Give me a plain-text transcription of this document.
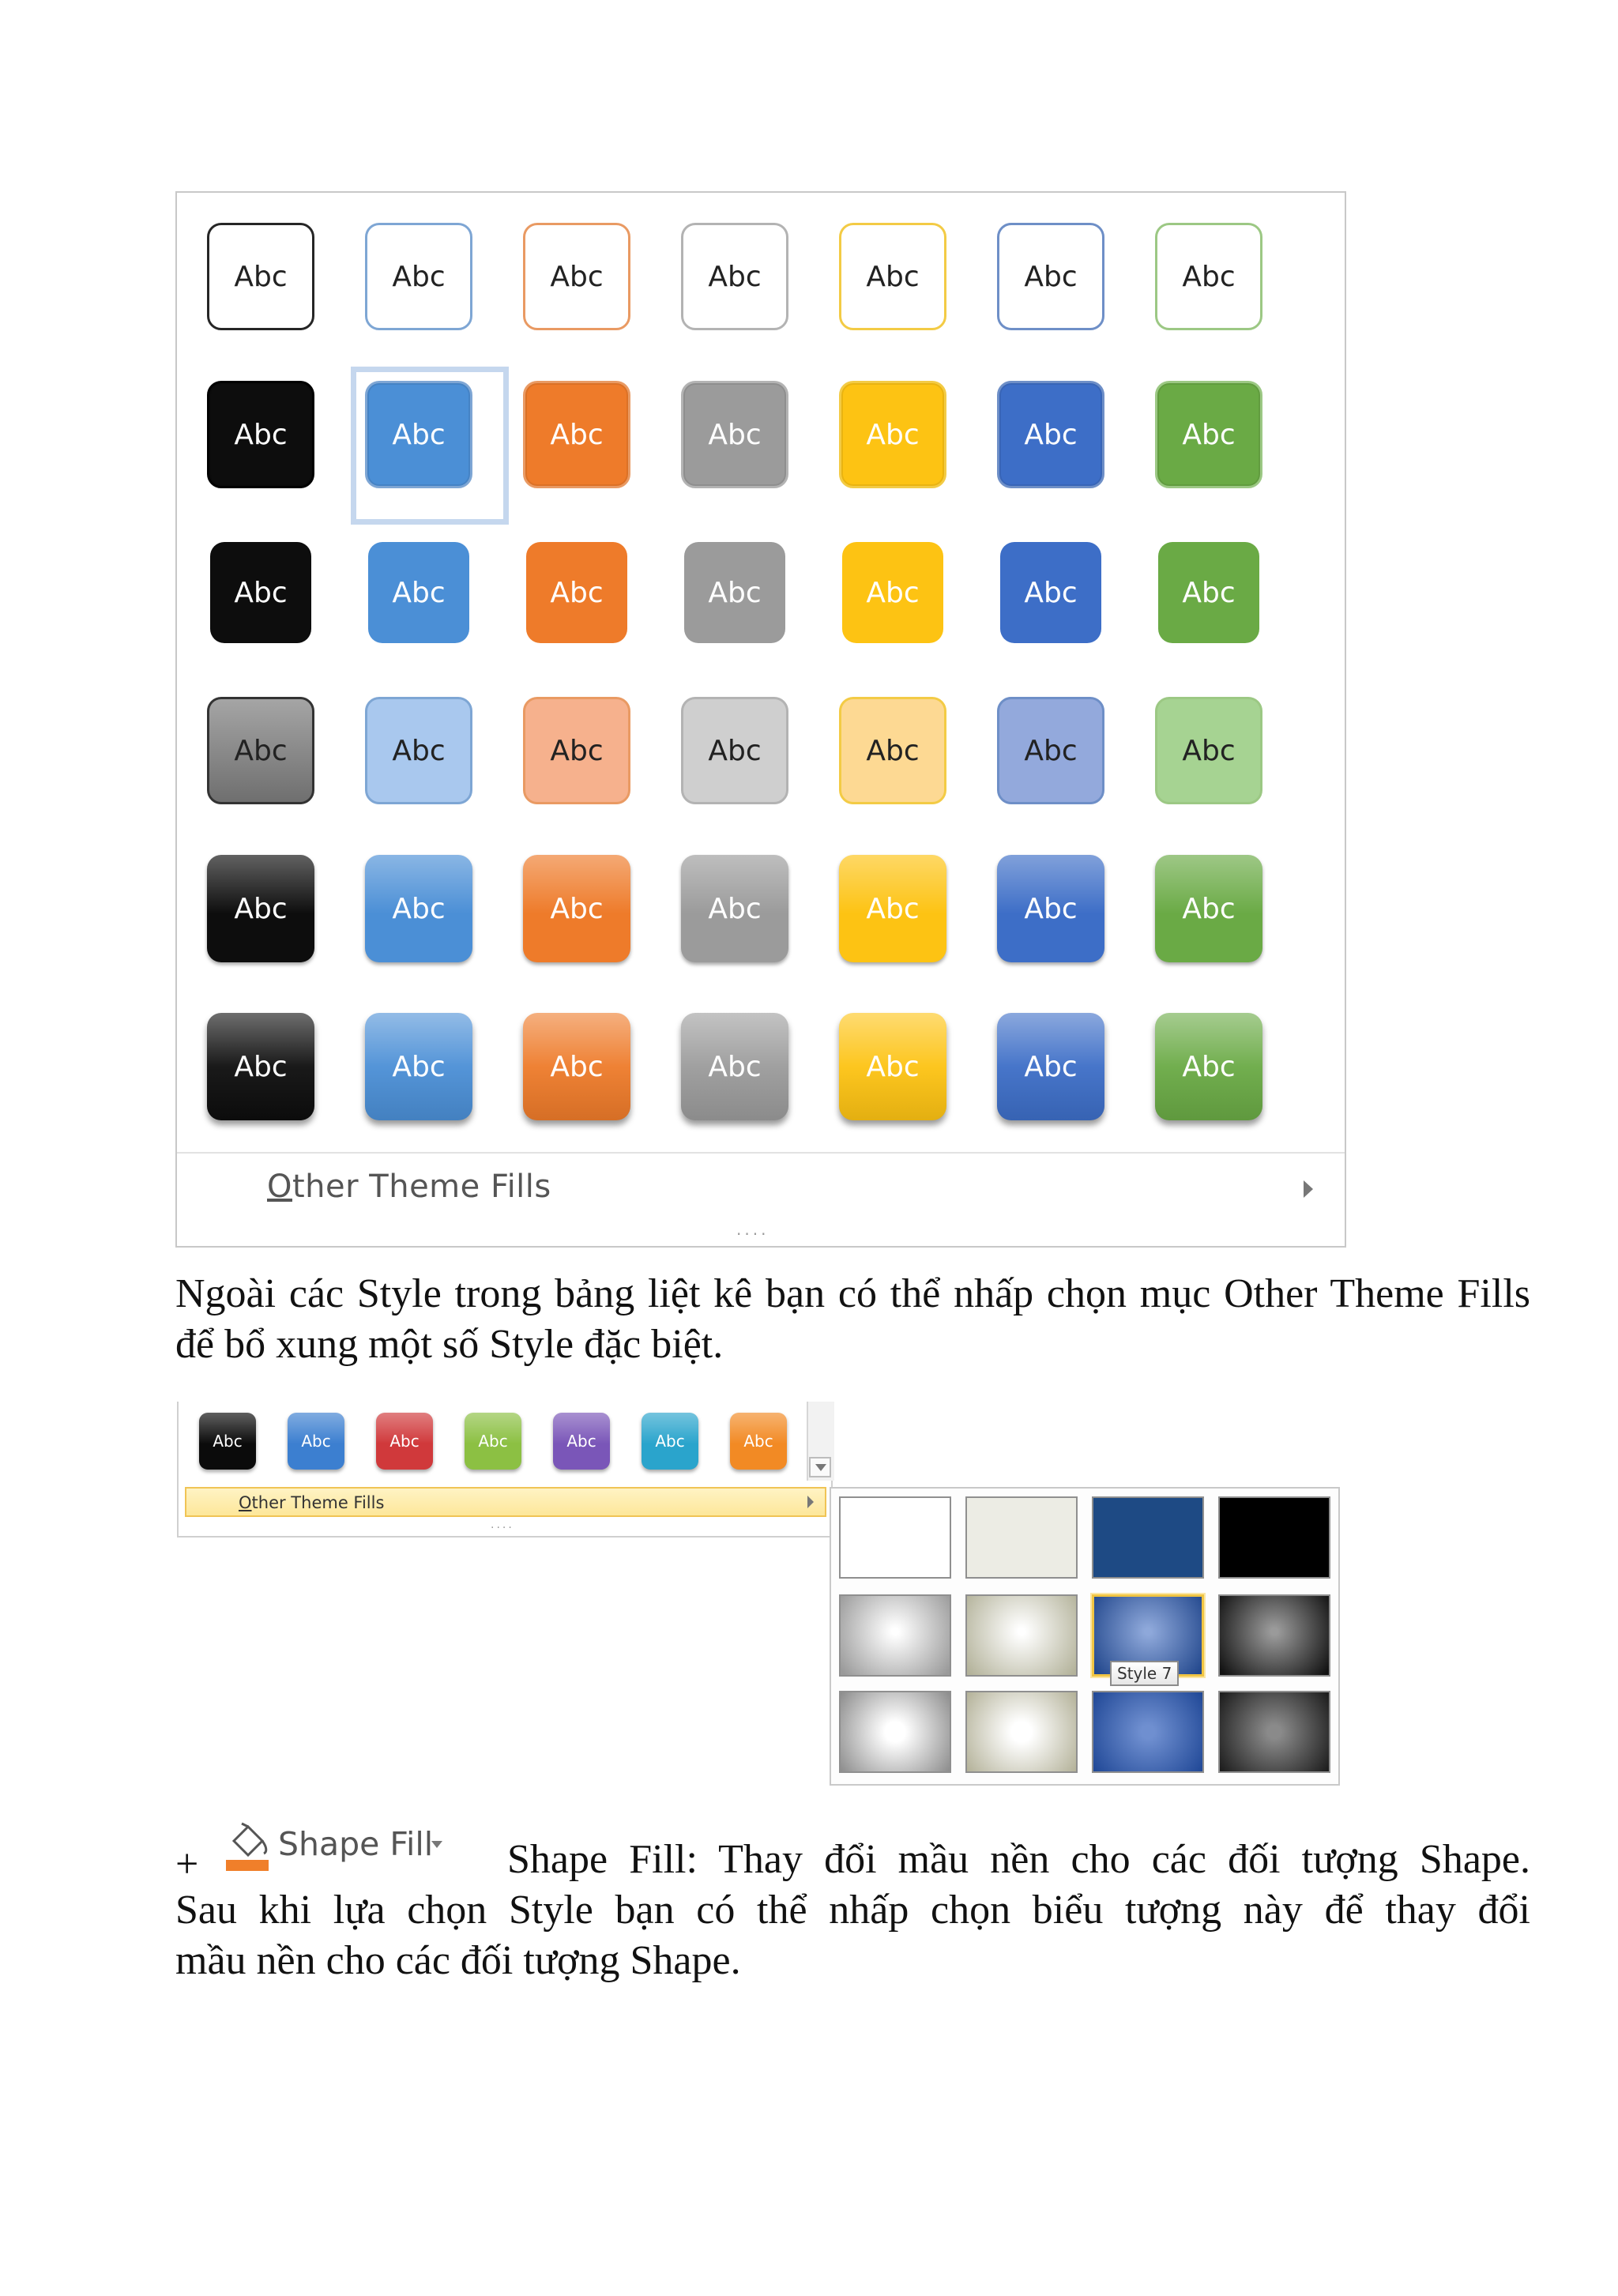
Abc	Abc	Abc	Abc	Abc	Abc	Abc
Abc	Abc	Abc	Abc	Abc	Abc	Abc
Abc	Abc	Abc	Abc	Abc	Abc	Abc
Abc	Abc	Abc	Abc	Abc	Abc	Abc
Abc	Abc	Abc	Abc	Abc	Abc	Abc
Abc	Abc	Abc	Abc	Abc	Abc	Abc
Other Theme Fills
....

Ngoài các Style trong bảng liệt kê bạn có thể nhấp chọn mục Other Theme Fills để bổ xung một số Style đặc biệt.

Abc	Abc	Abc	Abc	Abc	Abc	Abc
Other Theme Fills
....
Style 7
+ Shape Fill	Shape Fill: Thay đổi mầu nền cho các đối tượng Shape.
Sau khi lựa chọn Style bạn có thể nhấp chọn biểu tượng này để thay đổi
mầu nền cho các đối tượng Shape.
